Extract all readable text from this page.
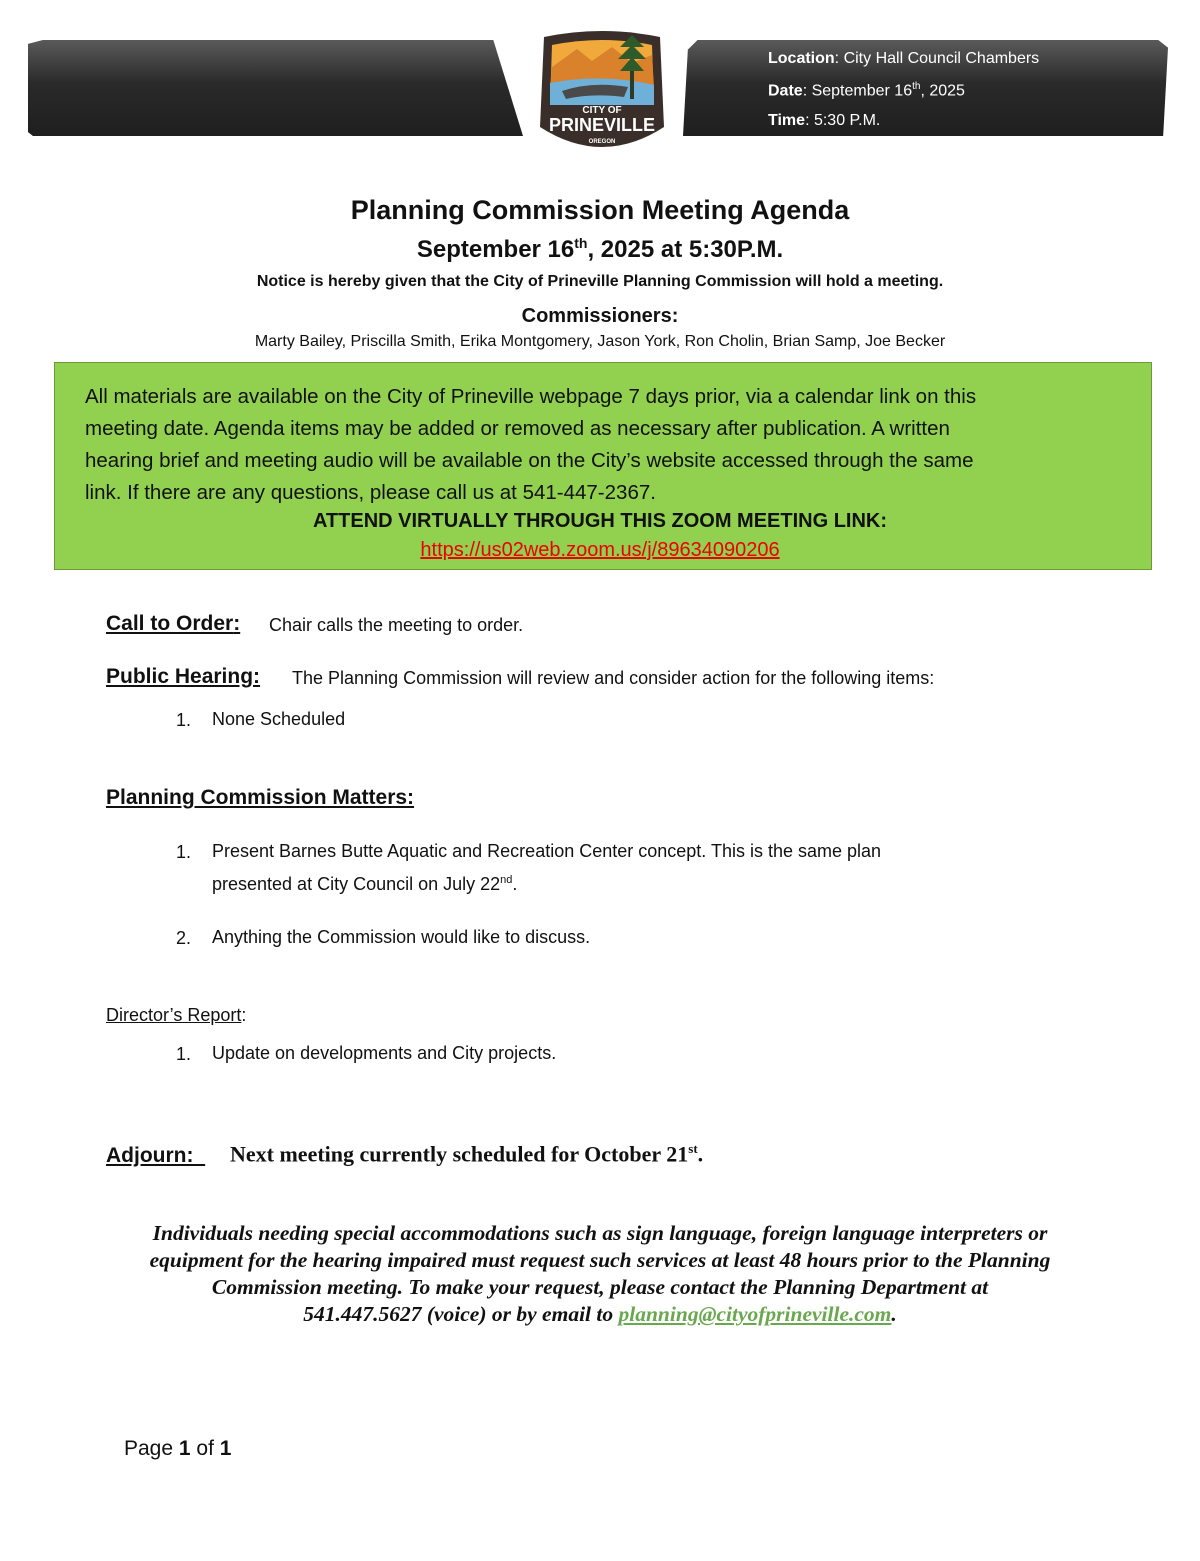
Location: City Hall Council Chambers
Date: September 16th, 2025
Time: 5:30 P.M.
CITY OF
PRINEVILLE
OREGON
Planning Commission Meeting Agenda
September 16th, 2025 at 5:30P.M.
Notice is hereby given that the City of Prineville Planning Commission will hold a meeting.
Commissioners:
Marty Bailey, Priscilla Smith, Erika Montgomery, Jason York, Ron Cholin, Brian Samp, Joe Becker
All materials are available on the City of Prineville webpage 7 days prior, via a calendar link on this
meeting date. Agenda items may be added or removed as necessary after publication. A written
hearing brief and meeting audio will be available on the City’s website accessed through the same
link. If there are any questions, please call us at 541-447-2367.
ATTEND VIRTUALLY THROUGH THIS ZOOM MEETING LINK:
https://us02web.zoom.us/j/89634090206
Call to Order: Chair calls the meeting to order.
Public Hearing: The Planning Commission will review and consider action for the following items:
1. None Scheduled
Planning Commission Matters:
1. Present Barnes Butte Aquatic and Recreation Center concept. This is the same plan
presented at City Council on July 22nd.
2. Anything the Commission would like to discuss.
Director’s Report:
1. Update on developments and City projects.
Adjourn:	Next meeting currently scheduled for October 21st.
Individuals needing special accommodations such as sign language, foreign language interpreters or
equipment for the hearing impaired must request such services at least 48 hours prior to the Planning
Commission meeting. To make your request, please contact the Planning Department at
541.447.5627 (voice) or by email to planning@cityofprineville.com.
Page 1 of 1
